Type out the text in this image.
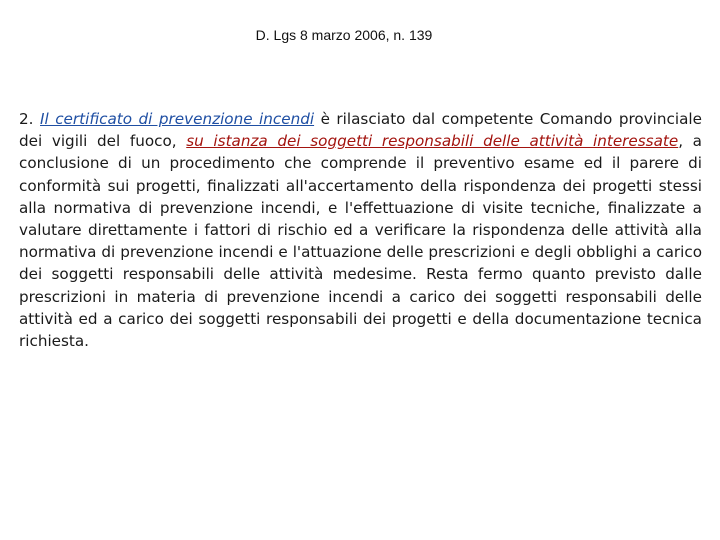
D. Lgs 8 marzo 2006, n. 139

2. Il certificato di prevenzione incendi è rilasciato dal competente Comando provinciale dei vigili del fuoco, su istanza dei soggetti responsabili delle attività interessate, a conclusione di un procedimento che comprende il preventivo esame ed il parere di conformità sui progetti, finalizzati all'accertamento della rispondenza dei progetti stessi alla normativa di prevenzione incendi, e l'effettuazione di visite tecniche, finalizzate a valutare direttamente i fattori di rischio ed a verificare la rispondenza delle attività alla normativa di prevenzione incendi e l'attuazione delle prescrizioni e degli obblighi a carico dei soggetti responsabili delle attività medesime. Resta fermo quanto previsto dalle prescrizioni in materia di prevenzione incendi a carico dei soggetti responsabili delle attività ed a carico dei soggetti responsabili dei progetti e della documentazione tecnica richiesta.
